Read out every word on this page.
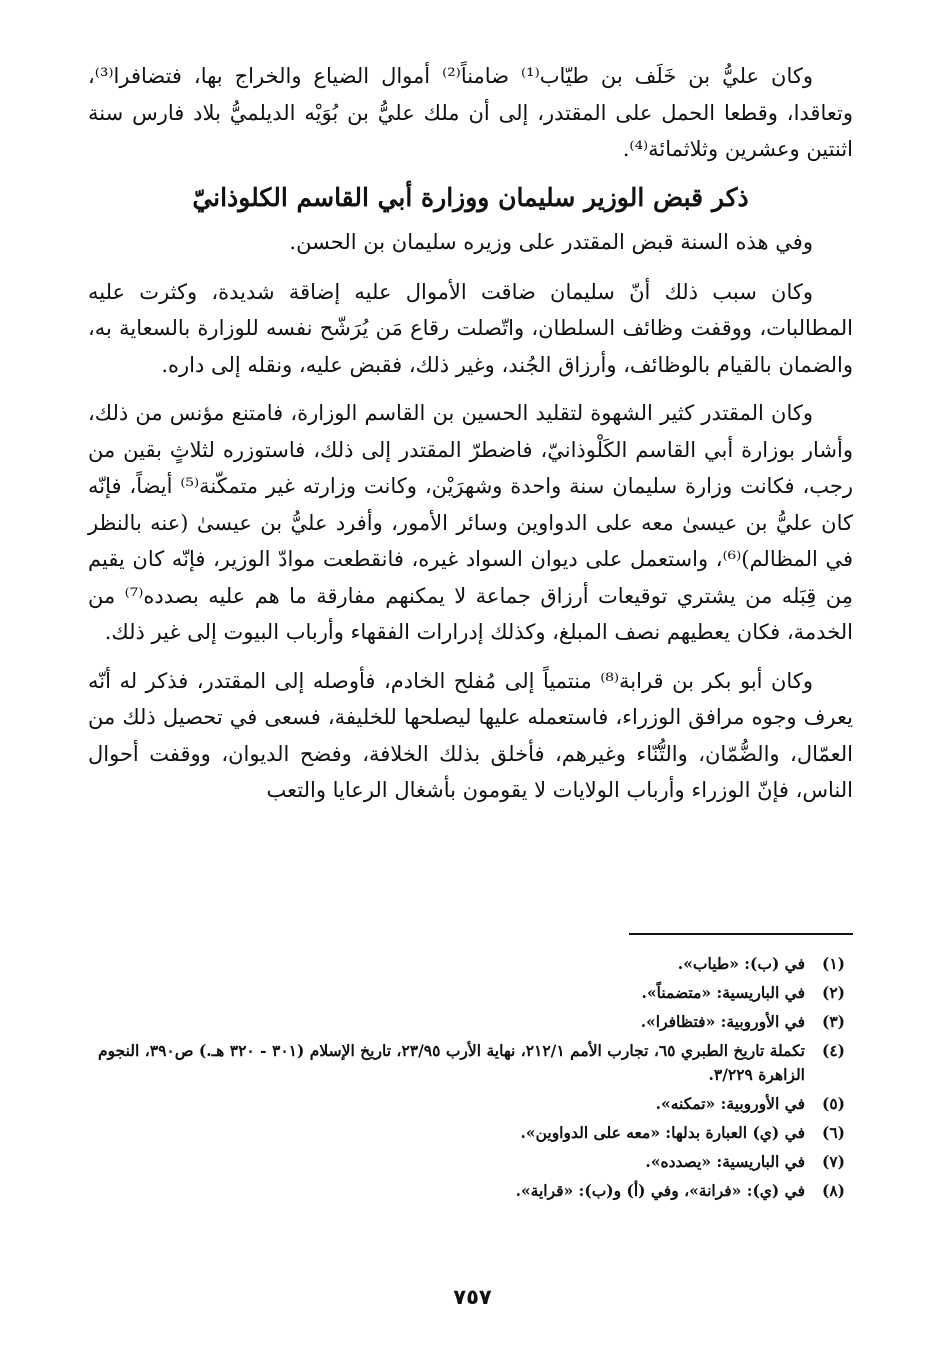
وكان عليُّ بن خَلَف بن طيّاب⁽¹⁾ ضامناً⁽²⁾ أموال الضياع والخراج بها، فتضافرا⁽³⁾، وتعاقدا، وقطعا الحمل على المقتدر، إلى أن ملك عليُّ بن بُوَيْه الديلميُّ بلاد فارس سنة اثنتين وعشرين وثلاثمائة⁽⁴⁾.

ذكر قبض الوزير سليمان ووزارة أبي القاسم الكلوذانيّ

وفي هذه السنة قبض المقتدر على وزيره سليمان بن الحسن.

وكان سبب ذلك أنّ سليمان ضاقت الأموال عليه إضاقة شديدة، وكثرت عليه المطالبات، ووقفت وظائف السلطان، واتّصلت رقاع مَن يُرَشّح نفسه للوزارة بالسعاية به، والضمان بالقيام بالوظائف، وأرزاق الجُند، وغير ذلك، فقبض عليه، ونقله إلى داره.

وكان المقتدر كثير الشهوة لتقليد الحسين بن القاسم الوزارة، فامتنع مؤنس من ذلك، وأشار بوزارة أبي القاسم الكَلْوذانيّ، فاضطرّ المقتدر إلى ذلك، فاستوزره لثلاثٍ بقين من رجب، فكانت وزارة سليمان سنة واحدة وشهرَيْن، وكانت وزارته غير متمكّنة⁽⁵⁾ أيضاً، فإنّه كان عليُّ بن عيسىٰ معه على الدواوين وسائر الأمور، وأفرد عليُّ بن عيسىٰ (عنه بالنظر في المظالم)⁽⁶⁾، واستعمل على ديوان السواد غيره، فانقطعت موادّ الوزير، فإنّه كان يقيم مِن قِبَله من يشتري توقيعات أرزاق جماعة لا يمكنهم مفارقة ما هم عليه بصدده⁽⁷⁾ من الخدمة، فكان يعطيهم نصف المبلغ، وكذلك إدرارات الفقهاء وأرباب البيوت إلى غير ذلك.

وكان أبو بكر بن قرابة⁽⁸⁾ منتمياً إلى مُفلح الخادم، فأوصله إلى المقتدر، فذكر له أنّه يعرف وجوه مرافق الوزراء، فاستعمله عليها ليصلحها للخليفة، فسعى في تحصيل ذلك من العمّال، والضُّمّان، والتُّنّاء وغيرهم، فأخلق بذلك الخلافة، وفضح الديوان، ووقفت أحوال الناس، فإنّ الوزراء وأرباب الولايات لا يقومون بأشغال الرعايا والتعب

(١)
في (ب): «طياب».
(٢)
في الباريسية: «متضمناً».
(٣)
في الأوروبية: «فتظافرا».
(٤)
تكملة تاريخ الطبري ٦٥، تجارب الأمم ٢١٢/١، نهاية الأرب ٢٣/٩٥، تاريخ الإسلام (٣٠١ - ٣٢٠ هـ.) ص٣٩٠، النجوم الزاهرة ٣/٢٢٩.
(٥)
في الأوروبية: «تمكنه».
(٦)
في (ي) العبارة بدلها: «معه على الدواوين».
(٧)
في الباريسية: «يصدده».
(٨)
في (ي): «فرانة»، وفي (أ) و(ب): «قراية».
٧٥٧
